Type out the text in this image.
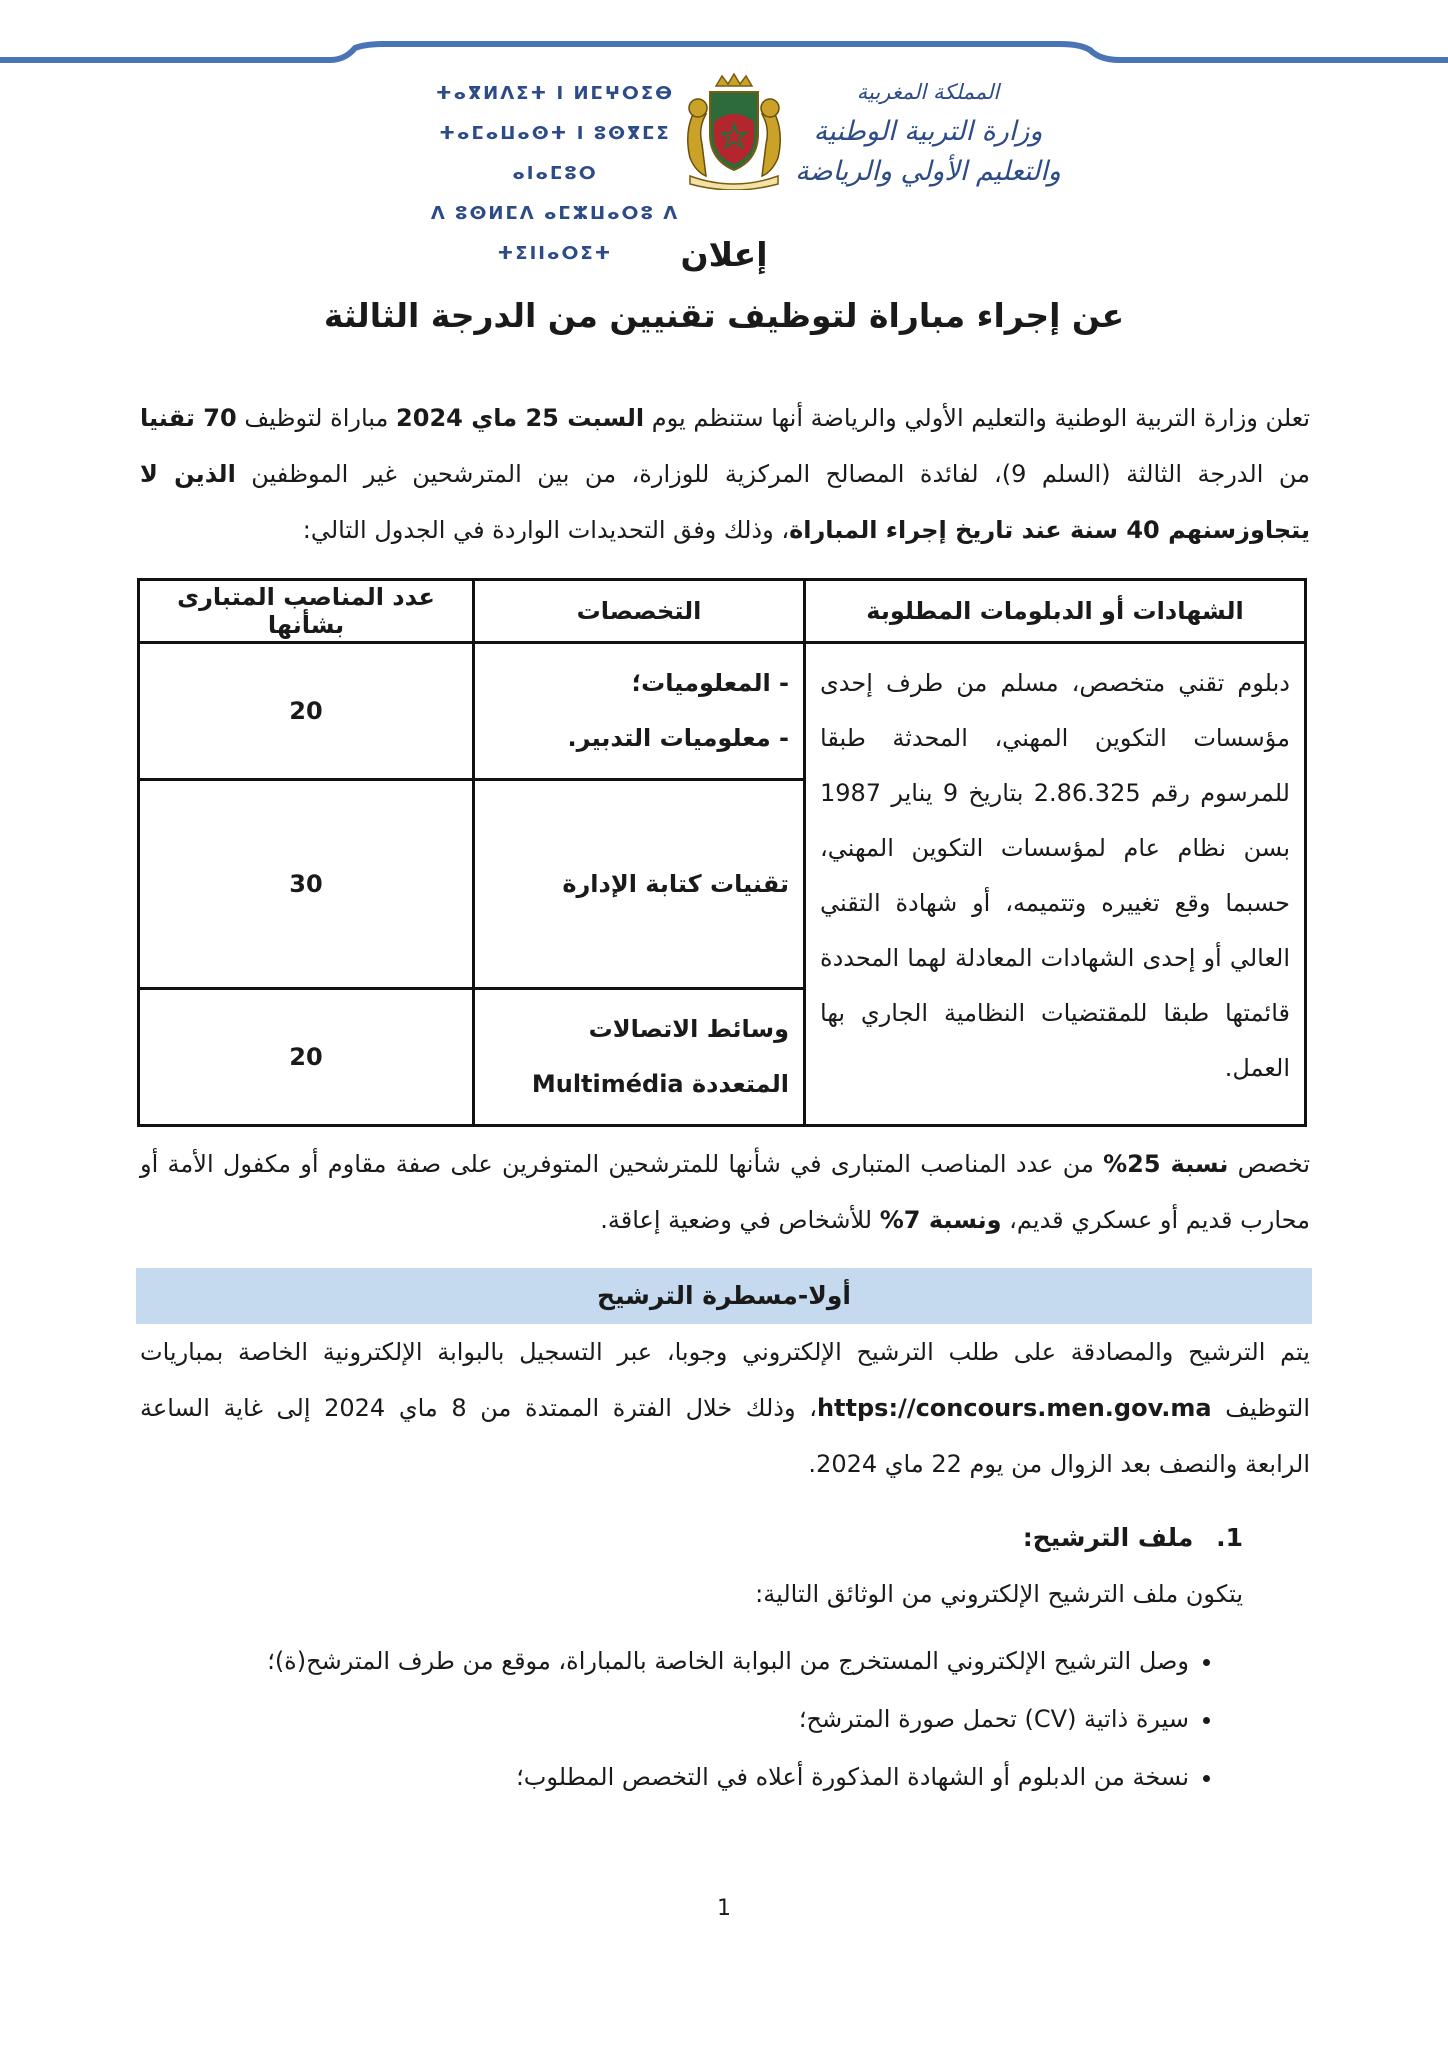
المملكة المغربية
وزارة التربية الوطنية
والتعليم الأولي والرياضة
ⵜⴰⴳⵍⴷⵉⵜ ⵏ ⵍⵎⵖⵔⵉⴱ
ⵜⴰⵎⴰⵡⴰⵙⵜ ⵏ ⵓⵙⴳⵎⵉ ⴰⵏⴰⵎⵓⵔ
ⴷ ⵓⵙⵍⵎⴷ ⴰⵎⵣⵡⴰⵔⵓ ⴷ ⵜⵉⵏⵏⴰⵔⵉⵜ	إعلان
عن إجراء مباراة لتوظيف تقنيين من الدرجة الثالثة

تعلن وزارة التربية الوطنية والتعليم الأولي والرياضة أنها ستنظم يوم السبت 25 ماي 2024 مباراة لتوظيف 70 تقنيا من الدرجة الثالثة (السلم 9)، لفائدة المصالح المركزية للوزارة، من بين المترشحين غير الموظفين الذين لا يتجاوزسنهم 40 سنة عند تاريخ إجراء المباراة، وذلك وفق التحديدات الواردة في الجدول التالي:

الشهادات أو الدبلومات المطلوبة	التخصصات	عدد المناصب المتبارى بشأنها
دبلوم تقني متخصص، مسلم من طرف إحدى مؤسسات التكوين المهني، المحدثة طبقا للمرسوم رقم 2.86.325 بتاريخ 9 يناير 1987 بسن نظام عام لمؤسسات التكوين المهني، حسبما وقع تغييره وتتميمه، أو شهادة التقني العالي أو إحدى الشهادات المعادلة لهما المحددة قائمتها طبقا للمقتضيات النظامية الجاري بها العمل.	- المعلوميات؛
- معلوميات التدبير.	20

	تقنيات كتابة الإدارة	30

	وسائط الاتصالات
المتعددة Multimédia	20

تخصص نسبة 25% من عدد المناصب المتبارى في شأنها للمترشحين المتوفرين على صفة مقاوم أو مكفول الأمة أو محارب قديم أو عسكري قديم، ونسبة 7% للأشخاص في وضعية إعاقة.

أولا-مسطرة الترشيح

يتم الترشيح والمصادقة على طلب الترشيح الإلكتروني وجوبا، عبر التسجيل بالبوابة الإلكترونية الخاصة بمباريات التوظيف https://concours.men.gov.ma، وذلك خلال الفترة الممتدة من 8 ماي 2024 إلى غاية الساعة الرابعة والنصف بعد الزوال من يوم 22 ماي 2024.

1. ملف الترشيح:

يتكون ملف الترشيح الإلكتروني من الوثائق التالية:

• وصل الترشيح الإلكتروني المستخرج من البوابة الخاصة بالمباراة، موقع من طرف المترشح(ة)؛
• سيرة ذاتية (CV) تحمل صورة المترشح؛
• نسخة من الدبلوم أو الشهادة المذكورة أعلاه في التخصص المطلوب؛
1
